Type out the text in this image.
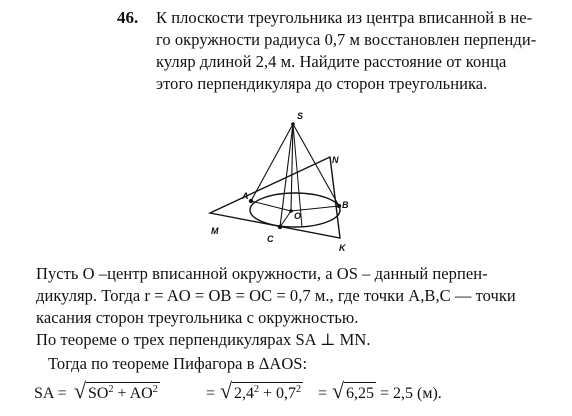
46. К плоскости треугольника из центра вписанной в не-
го окружности радиуса 0,7 м восстановлен перпенди-
куляр длиной 2,4 м. Найдите расстояние от конца
этого перпендикуляра до сторон треугольника.
S
N
A
B
O
M
C
K
Пусть O –центр вписанной окружности, а OS – данный перпен-
дикуляр. Тогда r = AO = OB = OC = 0,7 м., где точки A,B,C — точки
касания сторон треугольника с окружностью.
По теореме о трех перпендикулярах SA ⊥ MN.
Тогда по теореме Пифагора в ΔAOS:
SA = √ $SO^2 + AO^2$	= √ $2,4^2 + 0,7^2$ = √ 6,25 = 2,5 (м).
